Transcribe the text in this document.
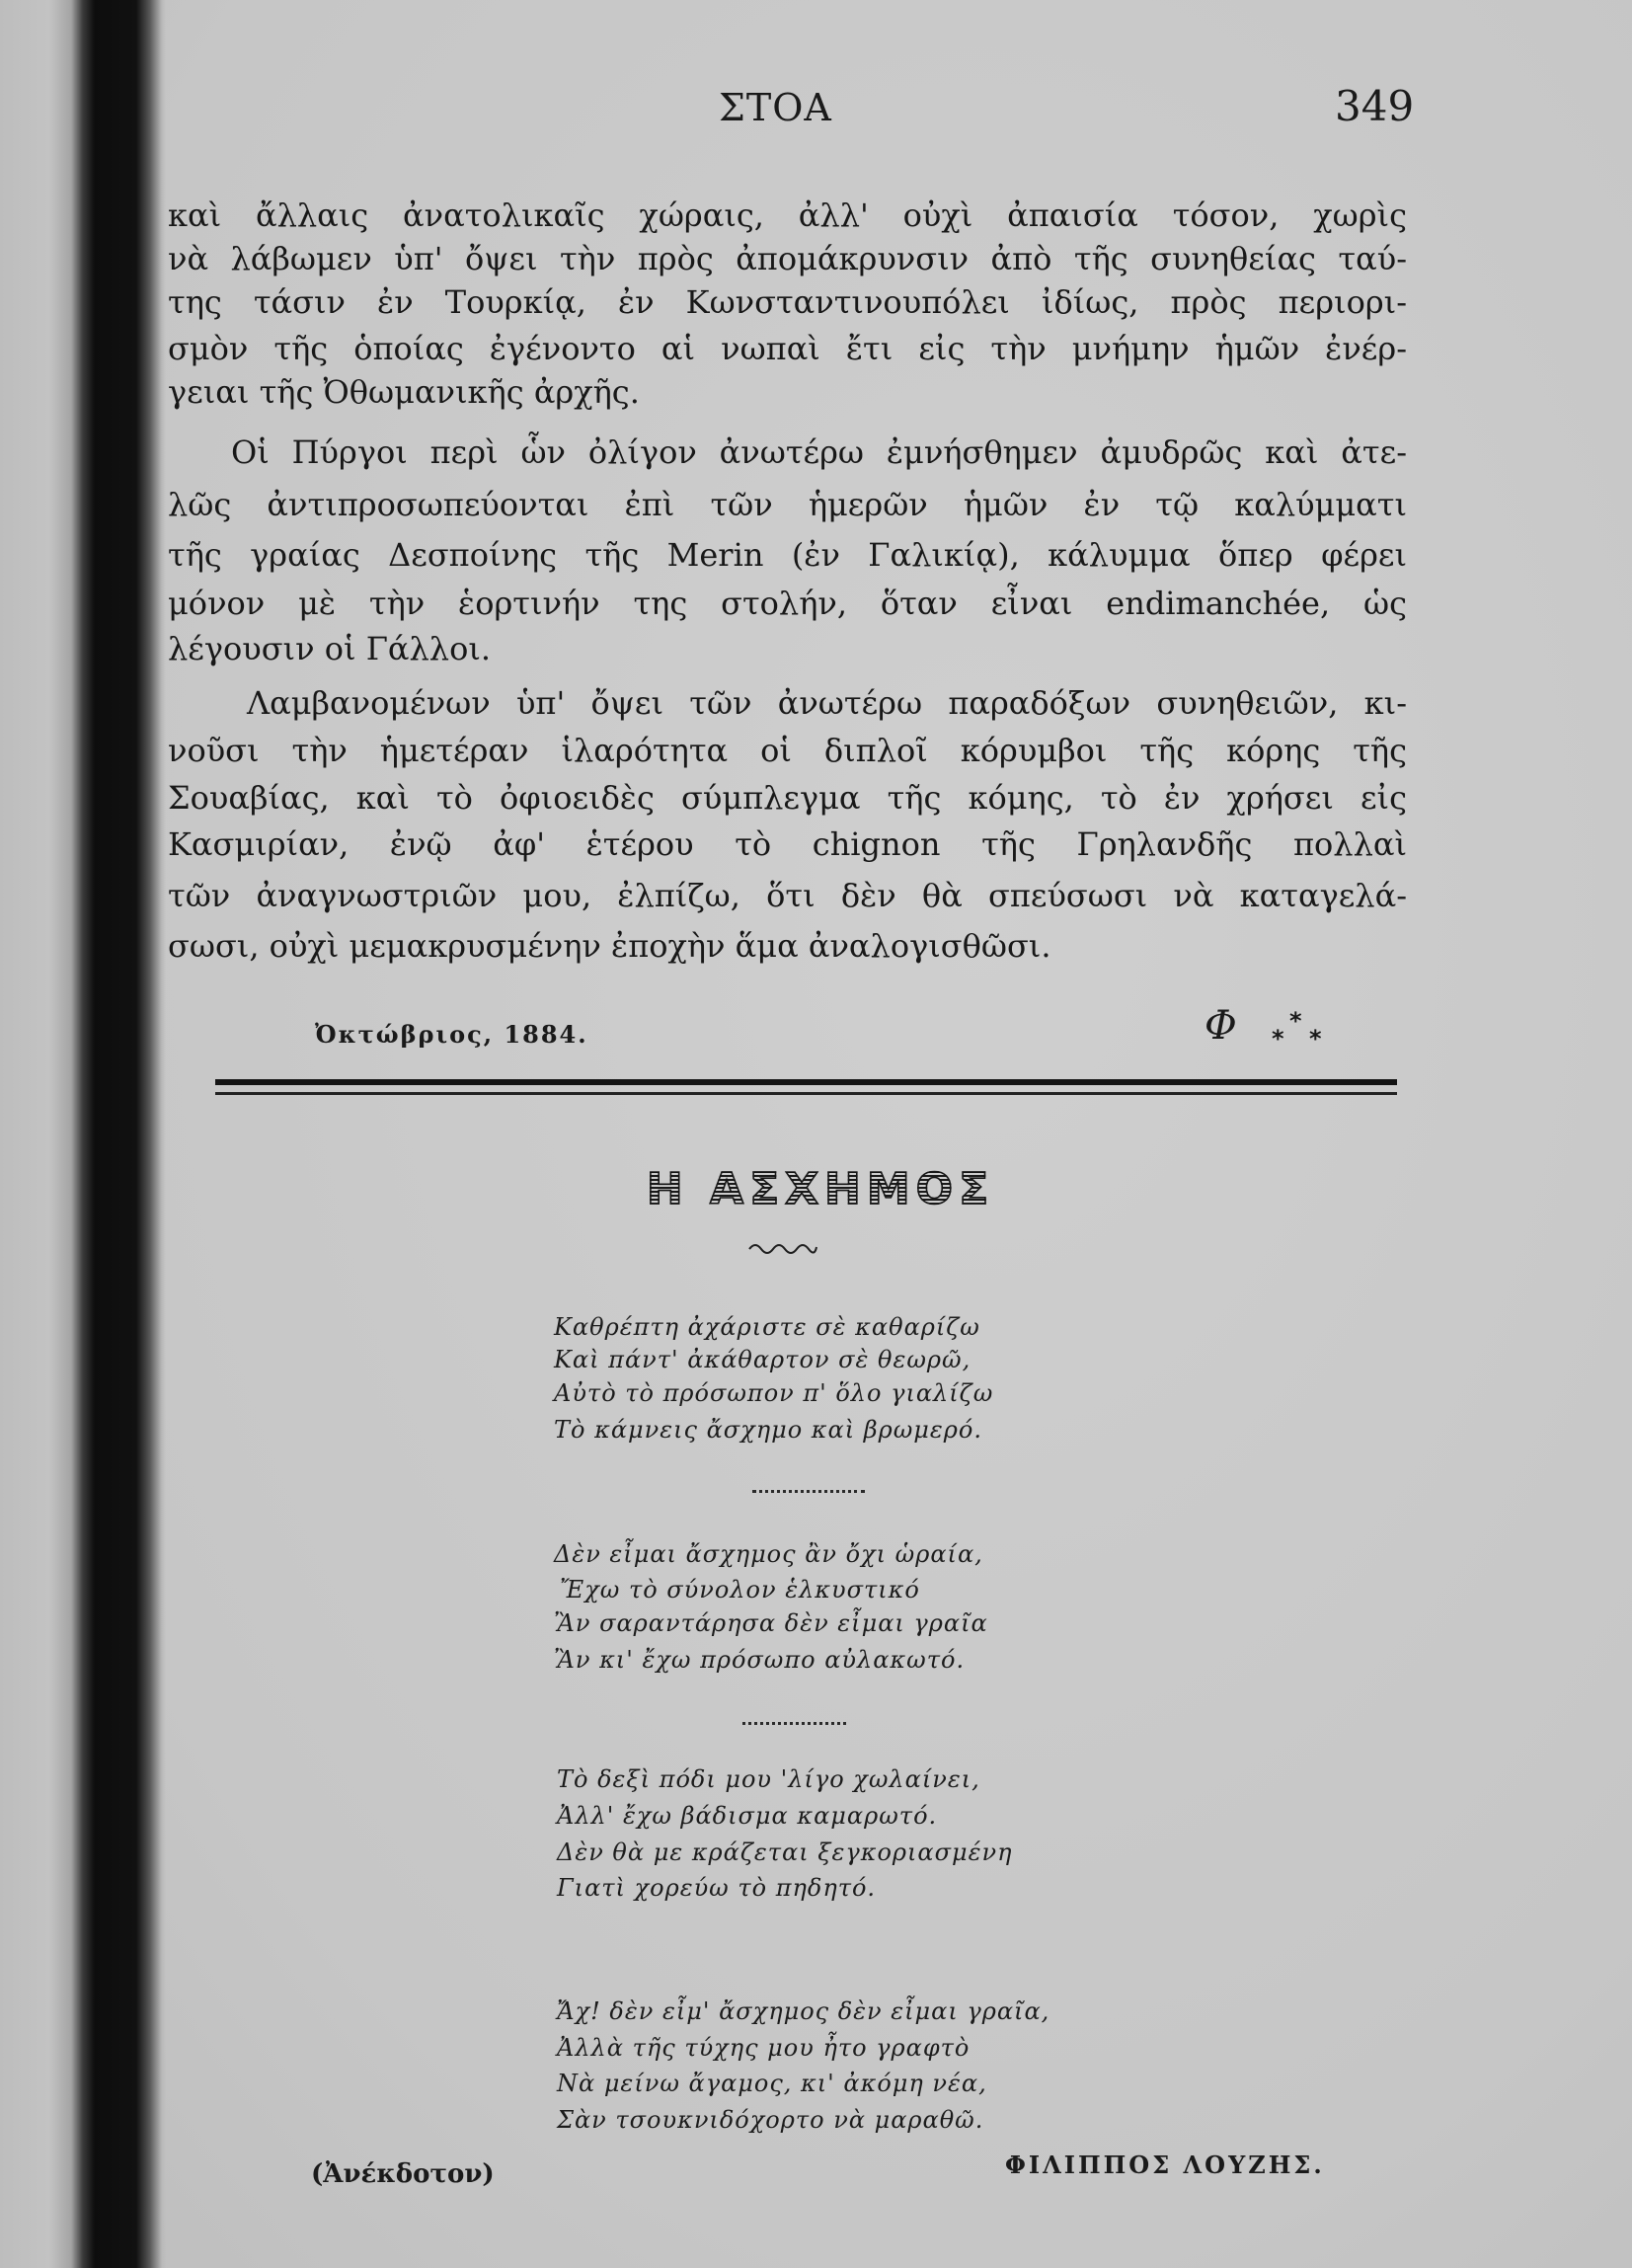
ΣΤΟΑ	349
καὶ ἄλλαις ἀνατολικαῖς χώραις, ἀλλ' οὐχὶ ἀπαισία τόσον, χωρὶς
νὰ λάβωμεν ὑπ' ὄψει τὴν πρὸς ἀπομάκρυνσιν ἀπὸ τῆς συνηθείας ταύ-
της τάσιν ἐν Τουρκίᾳ, ἐν Κωνσταντινουπόλει ἰδίως, πρὸς περιορι-
σμὸν τῆς ὁποίας ἐγένοντο αἱ νωπαὶ ἔτι εἰς τὴν μνήμην ἡμῶν ἐνέρ-
γειαι τῆς Ὀθωμανικῆς ἀρχῆς.
Οἱ Πύργοι περὶ ὧν ὀλίγον ἀνωτέρω ἐμνήσθημεν ἀμυδρῶς καὶ ἀτε-
λῶς ἀντιπροσωπεύονται ἐπὶ τῶν ἡμερῶν ἡμῶν ἐν τῷ καλύμματι
τῆς γραίας Δεσποίνης τῆς Merin (ἐν Γαλικίᾳ), κάλυμμα ὅπερ φέρει
μόνον μὲ τὴν ἑορτινήν της στολήν, ὅταν εἶναι endimanchée, ὡς
λέγουσιν οἱ Γάλλοι.
Λαμβανομένων ὑπ' ὄψει τῶν ἀνωτέρω παραδόξων συνηθειῶν, κι-
νοῦσι τὴν ἡμετέραν ἱλαρότητα οἱ διπλοῖ κόρυμβοι τῆς κόρης τῆς
Σουαβίας, καὶ τὸ ὀφιοειδὲς σύμπλεγμα τῆς κόμης, τὸ ἐν χρήσει εἰς
Κασμιρίαν, ἐνῷ ἀφ' ἑτέρου τὸ chignon τῆς Γρηλανδῆς πολλαὶ
τῶν ἀναγνωστριῶν μου, ἐλπίζω, ὅτι δὲν θὰ σπεύσωσι νὰ καταγελά-
σωσι, οὐχὶ μεμακρυσμένην ἐποχὴν ἅμα ἀναλογισθῶσι.
Ὀκτώβριος, 1884.	Φ *
* *
Η ΑΣΧΗΜΟΣ
Καθρέπτη ἀχάριστε σὲ καθαρίζω
Καὶ πάντ' ἀκάθαρτον σὲ θεωρῶ,
Αὐτὸ τὸ πρόσωπον π' ὅλο γιαλίζω
Τὸ κάμνεις ἄσχημο καὶ βρωμερό.
Δὲν εἶμαι ἄσχημος ἂν ὄχι ὡραία,
Ἔχω τὸ σύνολον ἑλκυστικό
Ἂν σαραντάρησα δὲν εἶμαι γραῖα
Ἂν κι' ἔχω πρόσωπο αὐλακωτό.
Τὸ δεξὶ πόδι μου 'λίγο χωλαίνει,
Ἀλλ' ἔχω βάδισμα καμαρωτό.
Δὲν θὰ με κράζεται ξεγκοριασμένη
Γιατὶ χορεύω τὸ πηδητό.
Ἄχ! δὲν εἶμ' ἄσχημος δὲν εἶμαι γραῖα,
Ἀλλὰ τῆς τύχης μου ἦτο γραφτὸ
Νὰ μείνω ἄγαμος, κι' ἀκόμη νέα,
Σὰν τσουκνιδόχορτο νὰ μαραθῶ.
(Ἀνέκδοτον)	ΦΙΛΙΠΠΟΣ ΛΟΥΖΗΣ.
